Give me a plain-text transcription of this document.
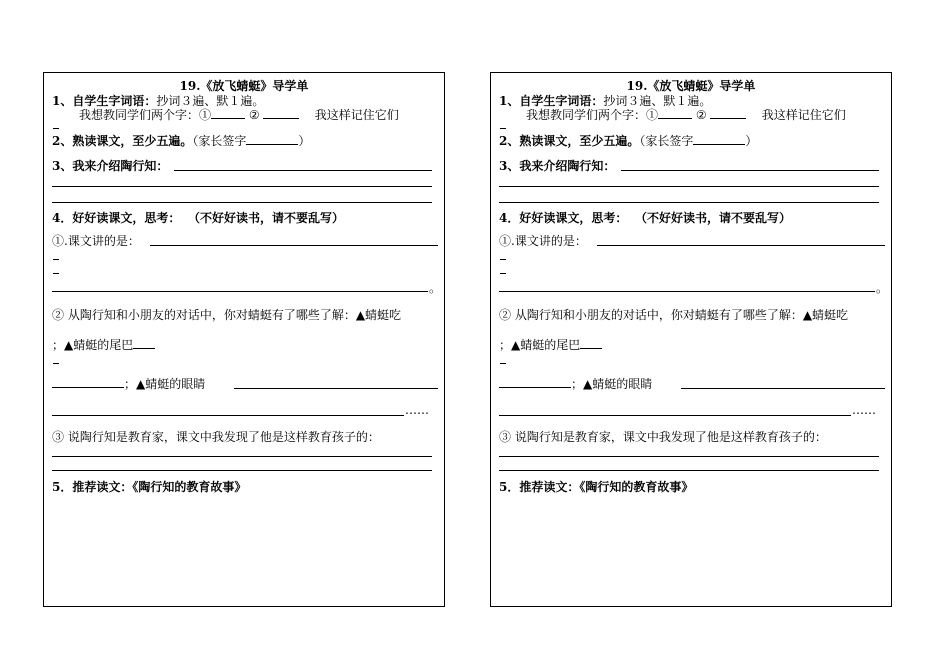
19.《放飞蜻蜓》导学单
1、自学生字词语：抄词３遍、默１遍。
我想教同学们两个字：①	②	我这样记住它们
2、熟读课文，至少五遍。（家长签字	）
3、我来介绍陶行知：
4．好好读课文，思考： （不好好读书，请不要乱写）
①.课文讲的是：
。
② 从陶行知和小朋友的对话中，你对蜻蜓有了哪些了解：▲蜻蜓吃
；▲蜻蜓的尾巴
；▲蜻蜓的眼睛
……
③ 说陶行知是教育家，课文中我发现了他是这样教育孩子的：
5．推荐读文：《陶行知的教育故事》
19.《放飞蜻蜓》导学单
1、自学生字词语：抄词３遍、默１遍。
我想教同学们两个字：①	②	我这样记住它们
2、熟读课文，至少五遍。（家长签字	）
3、我来介绍陶行知：
4．好好读课文，思考： （不好好读书，请不要乱写）
①.课文讲的是：
。
② 从陶行知和小朋友的对话中，你对蜻蜓有了哪些了解：▲蜻蜓吃
；▲蜻蜓的尾巴
；▲蜻蜓的眼睛
……
③ 说陶行知是教育家，课文中我发现了他是这样教育孩子的：
5．推荐读文：《陶行知的教育故事》
